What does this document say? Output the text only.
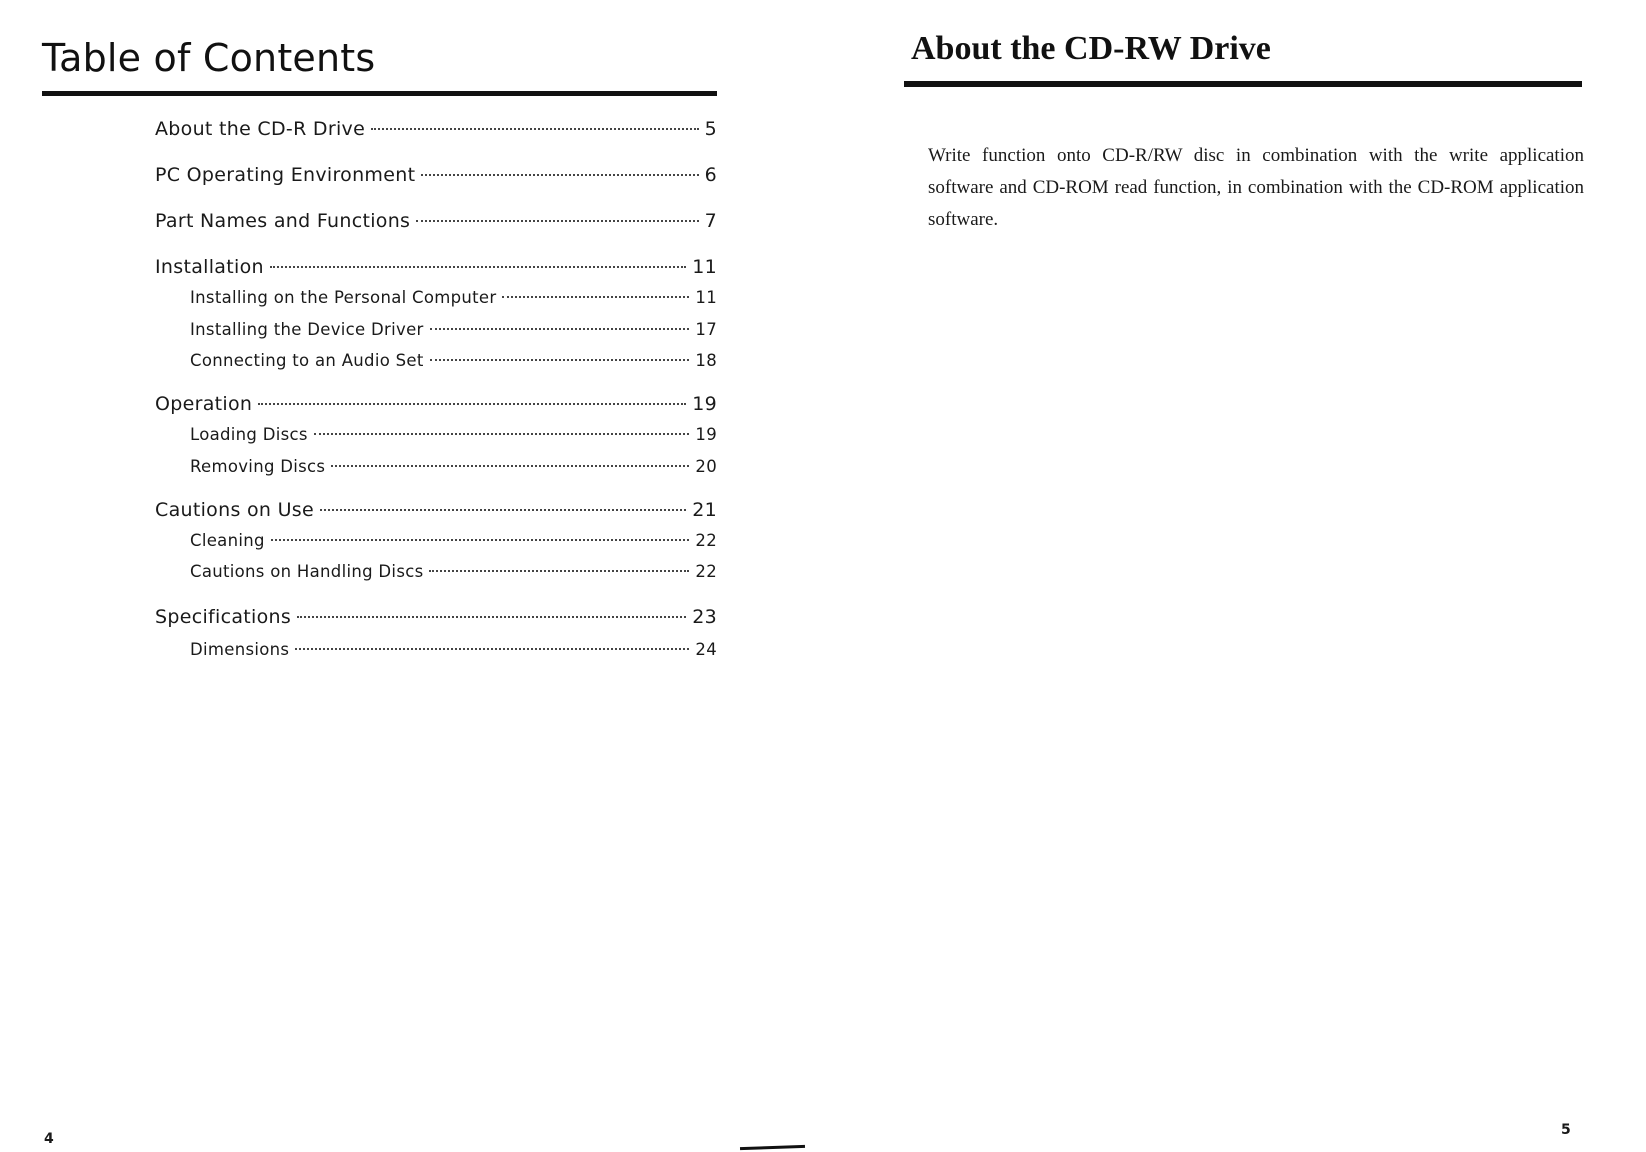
Table of Contents
About the CD-R Drive	5
PC Operating Environment	6
Part Names and Functions	7
Installation	11
Installing on the Personal Computer	11
Installing the Device Driver	17
Connecting to an Audio Set	18
Operation	19
Loading Discs	19
Removing Discs	20
Cautions on Use	21
Cleaning	22
Cautions on Handling Discs	22
Specifications	23
Dimensions	24
4
About the CD-RW Drive

Write function onto CD-R/RW disc in combination with the write application software and CD-ROM read function, in combination with the CD-ROM application software.

5
